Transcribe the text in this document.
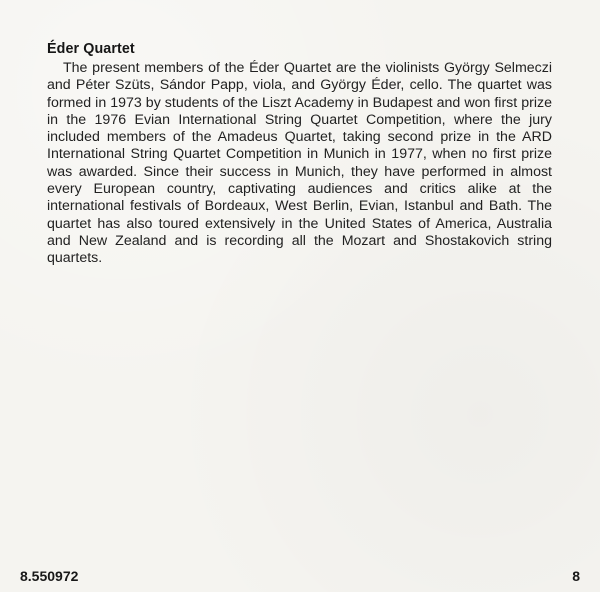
Éder Quartet

The present members of the Éder Quartet are the violinists György Selmeczi and Péter Szüts, Sándor Papp, viola, and György Éder, cello. The quartet was formed in 1973 by students of the Liszt Academy in Budapest and won first prize in the 1976 Evian International String Quartet Competition, where the jury included members of the Amadeus Quartet, taking second prize in the ARD International String Quartet Competition in Munich in 1977, when no first prize was awarded. Since their success in Munich, they have performed in almost every European country, captivating audiences and critics alike at the international festivals of Bordeaux, West Berlin, Evian, Istanbul and Bath. The quartet has also toured extensively in the United States of America, Australia and New Zealand and is recording all the Mozart and Shostakovich string quartets.

8.550972	8
